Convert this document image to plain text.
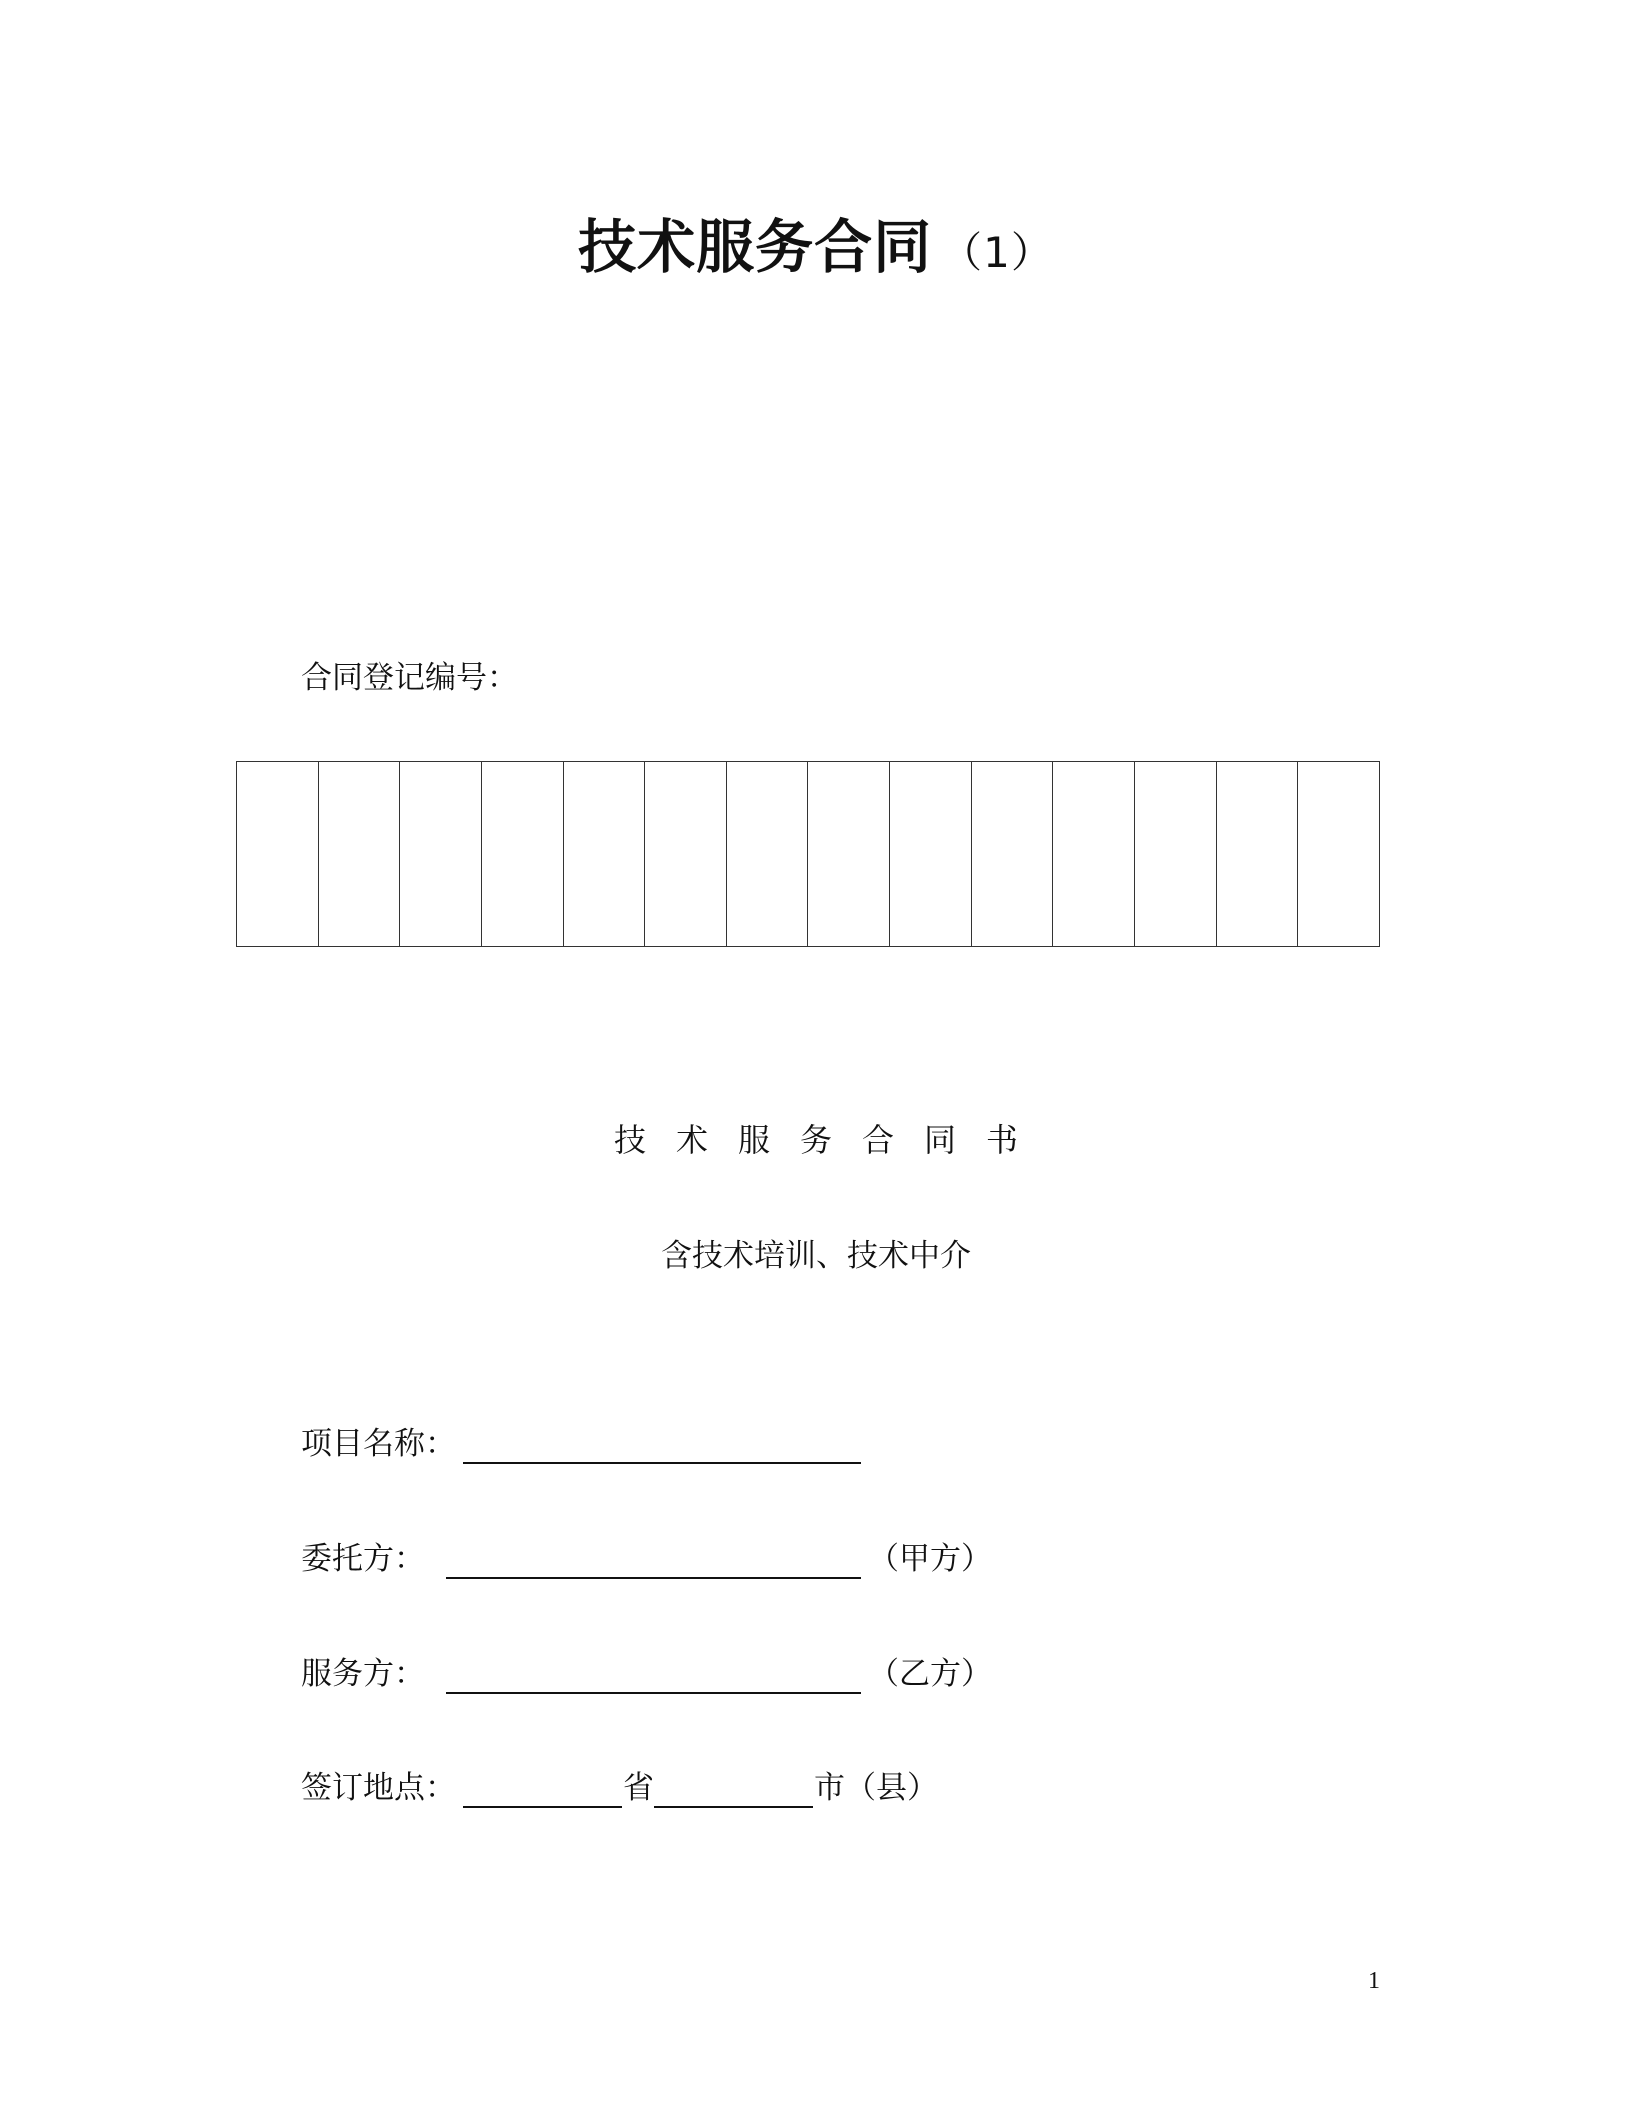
技术服务合同 （1）
合同登记编号：

技 术 服 务 合 同 书
含技术培训、技术中介
项目名称：
委托方：	（甲方）
服务方：	（乙方）
签订地点：	省	市（县）
1
